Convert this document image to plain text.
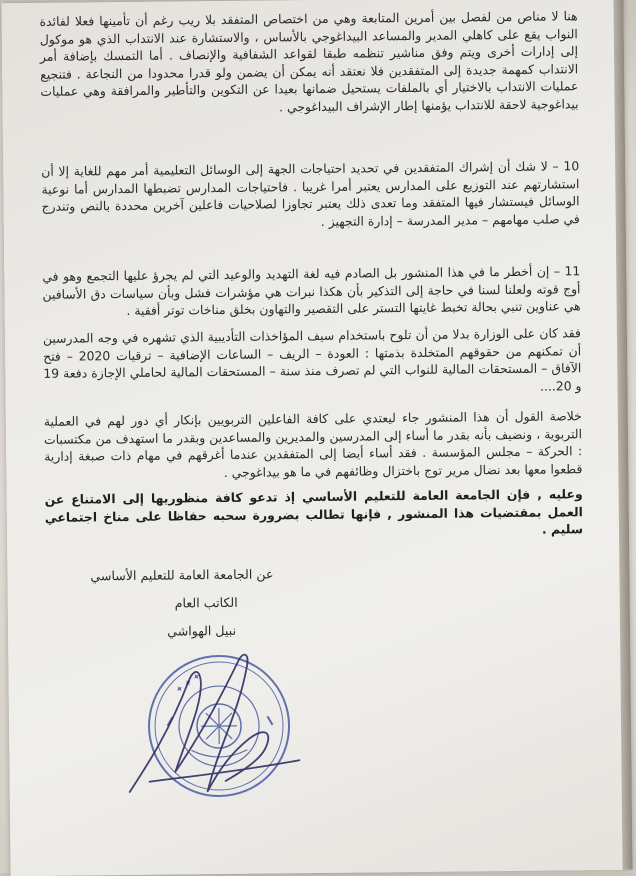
هنا لا مناص من لفصل بين أمرين المتابعة وهي من اختصاص المتفقد بلا ريب رغم أن تأمينها فعلا لفائدة النواب يقع على كاهلي المدير والمساعد البيداغوجي بالأساس ، والاستشارة عند الانتداب الذي هو موكول إلى إدارات أخرى ويتم وفق مناشير تنظمه طبقا لقواعد الشفافية والإنصاف . أما التمسك بإضافة أمر الانتداب كمهمة جديدة إلى المتفقدين فلا نعتقد أنه يمكن أن يضمن ولو قدرا محدودا من النجاعة . فتنجيع عمليات الانتداب بالاختيار أي بالملفات يستحيل ضمانها بعيدا عن التكوين والتأطير والمرافقة وهي عمليات بيداغوجية لاحقة للانتداب يؤمنها إطار الإشراف البيداغوجي .

10 – لا شك أن إشراك المتفقدين في تحديد احتياجات الجهة إلى الوسائل التعليمية أمر مهم للغاية إلا أن استشارتهم عند التوزيع على المدارس يعتبر أمرا غريبا . فاحتياجات المدارس تضبطها المدارس أما نوعية الوسائل فيستشار فيها المتفقد وما تعدى ذلك يعتبر تجاوزا لصلاحيات فاعلين آخرين محددة بالنص وتندرج في صلب مهامهم – مدير المدرسة – إدارة التجهيز .

11 – إن أخطر ما في هذا المنشور بل الصادم فيه لغة التهديد والوعيد التي لم يجرؤ عليها التجمع وهو في أوج قوته ولعلنا لسنا في حاجة إلى التذكير بأن هكذا نبرات هي مؤشرات فشل وبأن سياسات دق الأسافين هي عناوين تنبي بحالة تخبط غايتها التستر على التقصير والتهاون بخلق مناخات توتر أفقية .

فقد كان على الوزارة بدلا من أن تلوح باستخدام سيف المؤاخذات التأديبية الذي تشهره في وجه المدرسين أن تمكنهم من حقوقهم المتخلدة بذمتها : العودة – الريف – الساعات الإضافية – ترقيات 2020 – فتح الآفاق – المستحقات المالية للنواب التي لم تصرف منذ سنة – المستحقات المالية لحاملي الإجازة دفعة 19 و 20....

خلاصة القول أن هذا المنشور جاء ليعتدي على كافة الفاعلين التربويين بإنكار أي دور لهم في العملية التربوية ، ونضيف بأنه بقدر ما أساء إلى المدرسين والمديرين والمساعدين وبقدر ما استهدف من مكتسبات : الحركة – مجلس المؤسسة . فقد أساء أيضا إلى المتفقدين عندما أغرقهم في مهام ذات صبغة إدارية قطعوا معها بعد نضال مرير توج باختزال وظائفهم في ما هو بيداغوجي .

وعليه , فإن الجامعة العامة للتعليم الأساسي إذ تدعو كافة منظوريها إلى الامتناع عن العمل بمقتضيات هذا المنشور , فإنها تطالب بضرورة سحبه حفاظا على مناخ اجتماعي سليم .

عن الجامعة العامة للتعليم الأساسي
الكاتب العام
نبيل الهواشي
✦ ✦ ✦
